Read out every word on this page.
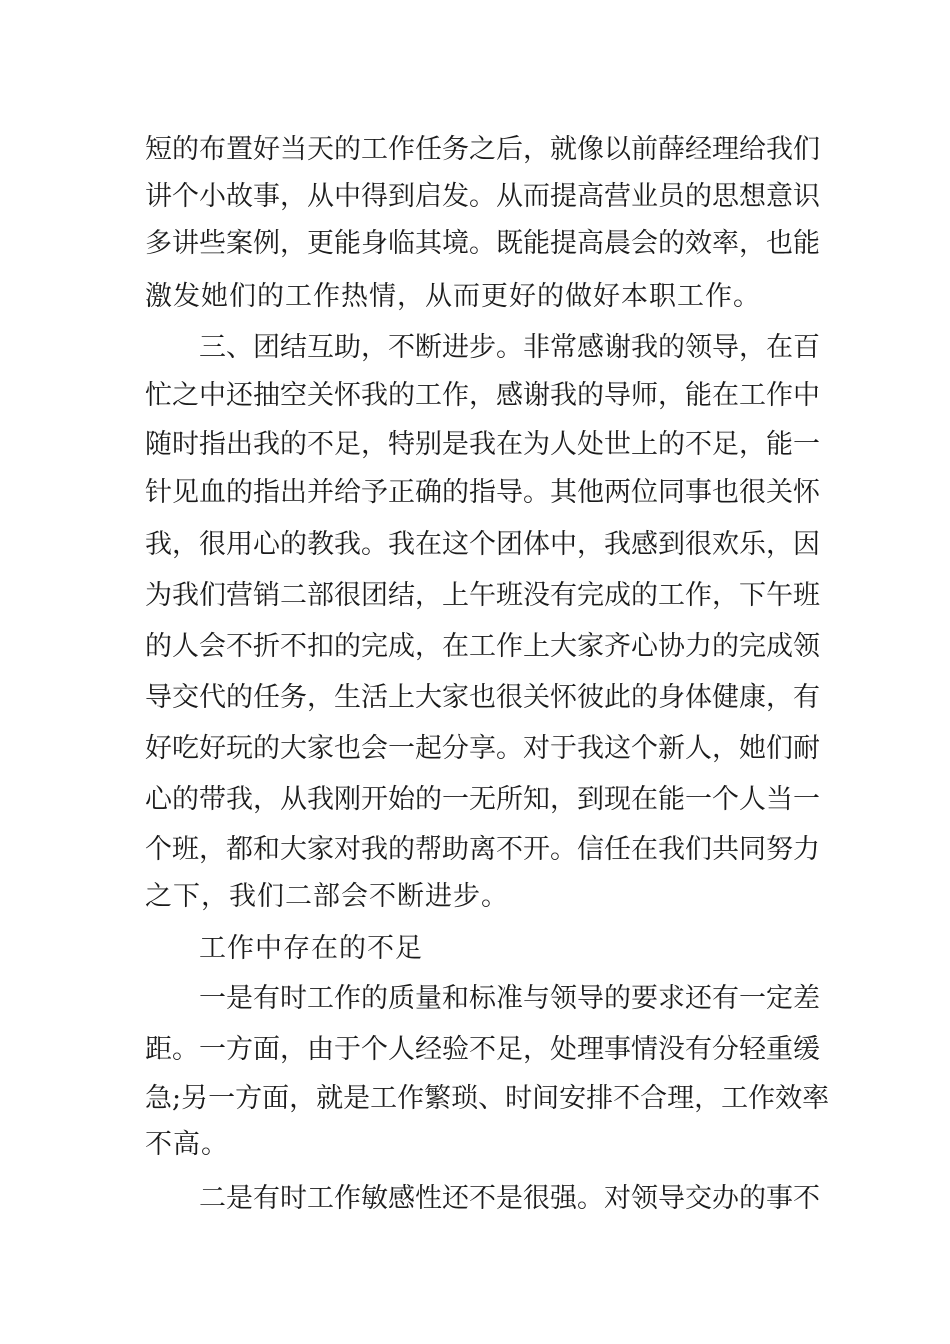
短的布置好当天的工作任务之后，就像以前薛经理给我们
讲个小故事，从中得到启发。从而提高营业员的思想意识
多讲些案例，更能身临其境。既能提高晨会的效率，也能
激发她们的工作热情，从而更好的做好本职工作。
三、团结互助，不断进步。非常感谢我的领导，在百
忙之中还抽空关怀我的工作，感谢我的导师，能在工作中
随时指出我的不足，特别是我在为人处世上的不足，能一
针见血的指出并给予正确的指导。其他两位同事也很关怀
我，很用心的教我。我在这个团体中，我感到很欢乐，因
为我们营销二部很团结，上午班没有完成的工作，下午班
的人会不折不扣的完成，在工作上大家齐心协力的完成领
导交代的任务，生活上大家也很关怀彼此的身体健康，有
好吃好玩的大家也会一起分享。对于我这个新人，她们耐
心的带我，从我刚开始的一无所知，到现在能一个人当一
个班，都和大家对我的帮助离不开。信任在我们共同努力
之下，我们二部会不断进步。
工作中存在的不足
一是有时工作的质量和标准与领导的要求还有一定差
距。一方面，由于个人经验不足，处理事情没有分轻重缓
急;另一方面，就是工作繁琐、时间安排不合理，工作效率
不高。
二是有时工作敏感性还不是很强。对领导交办的事不
